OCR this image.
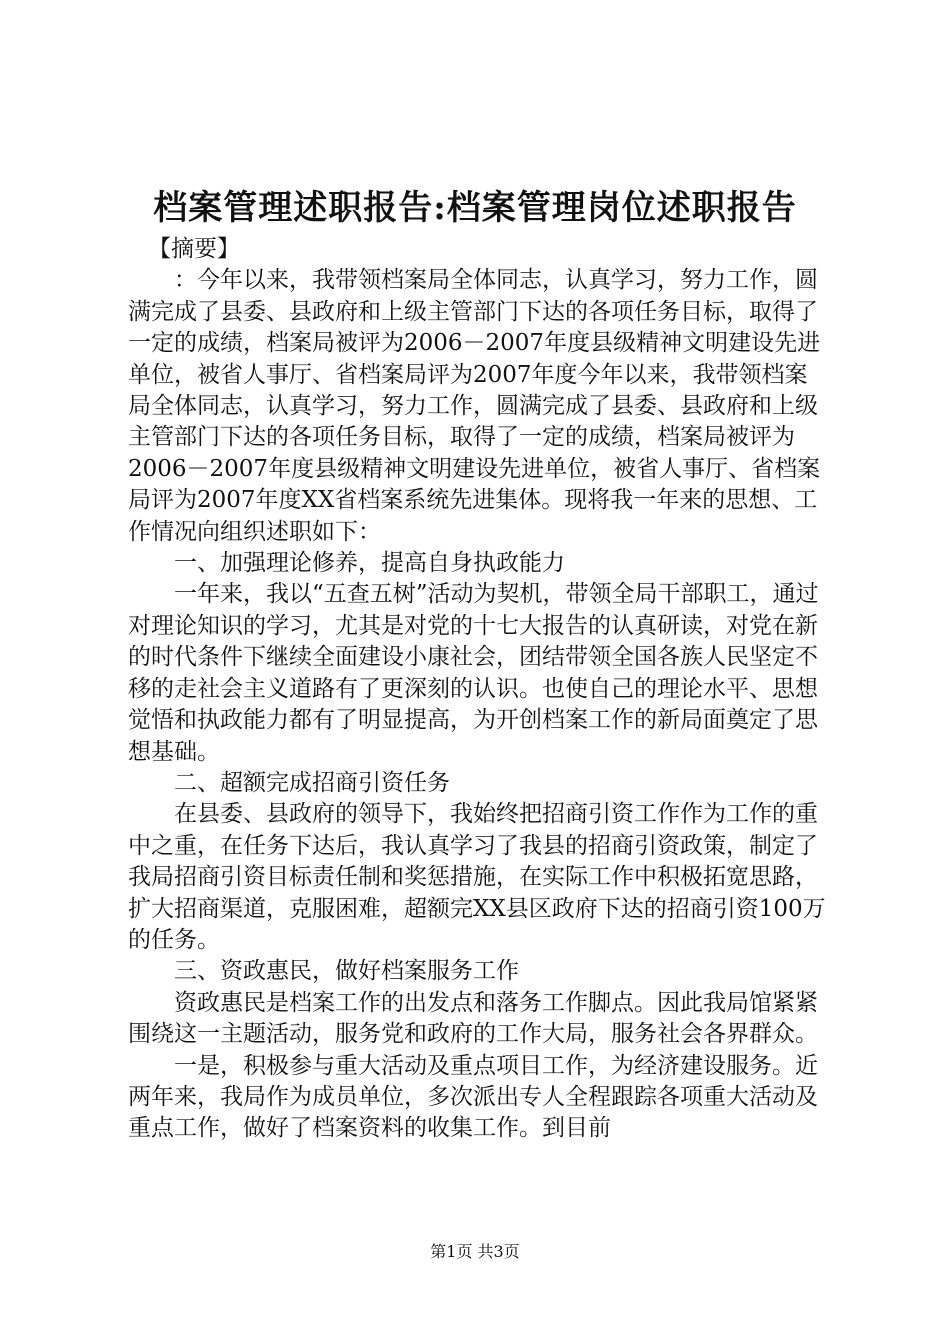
档案管理述职报告:档案管理岗位述职报告

【摘要】

：今年以来，我带领档案局全体同志，认真学习，努力工作，圆满完成了县委、县政府和上级主管部门下达的各项任务目标，取得了一定的成绩，档案局被评为2006－2007年度县级精神文明建设先进单位，被省人事厅、省档案局评为2007年度今年以来，我带领档案局全体同志，认真学习，努力工作，圆满完成了县委、县政府和上级主管部门下达的各项任务目标，取得了一定的成绩，档案局被评为2006－2007年度县级精神文明建设先进单位，被省人事厅、省档案局评为2007年度XX省档案系统先进集体。现将我一年来的思想、工作情况向组织述职如下：

一、加强理论修养，提高自身执政能力

一年来，我以“五查五树”活动为契机，带领全局干部职工，通过对理论知识的学习，尤其是对党的十七大报告的认真研读，对党在新的时代条件下继续全面建设小康社会，团结带领全国各族人民坚定不移的走社会主义道路有了更深刻的认识。也使自己的理论水平、思想觉悟和执政能力都有了明显提高，为开创档案工作的新局面奠定了思想基础。

二、超额完成招商引资任务

在县委、县政府的领导下，我始终把招商引资工作作为工作的重中之重，在任务下达后，我认真学习了我县的招商引资政策，制定了我局招商引资目标责任制和奖惩措施，在实际工作中积极拓宽思路，扩大招商渠道，克服困难，超额完XX县区政府下达的招商引资100万的任务。

三、资政惠民，做好档案服务工作

资政惠民是档案工作的出发点和落务工作脚点。因此我局馆紧紧围绕这一主题活动，服务党和政府的工作大局，服务社会各界群众。

一是，积极参与重大活动及重点项目工作，为经济建设服务。近两年来，我局作为成员单位，多次派出专人全程跟踪各项重大活动及重点工作，做好了档案资料的收集工作。到目前

第1页 共3页
